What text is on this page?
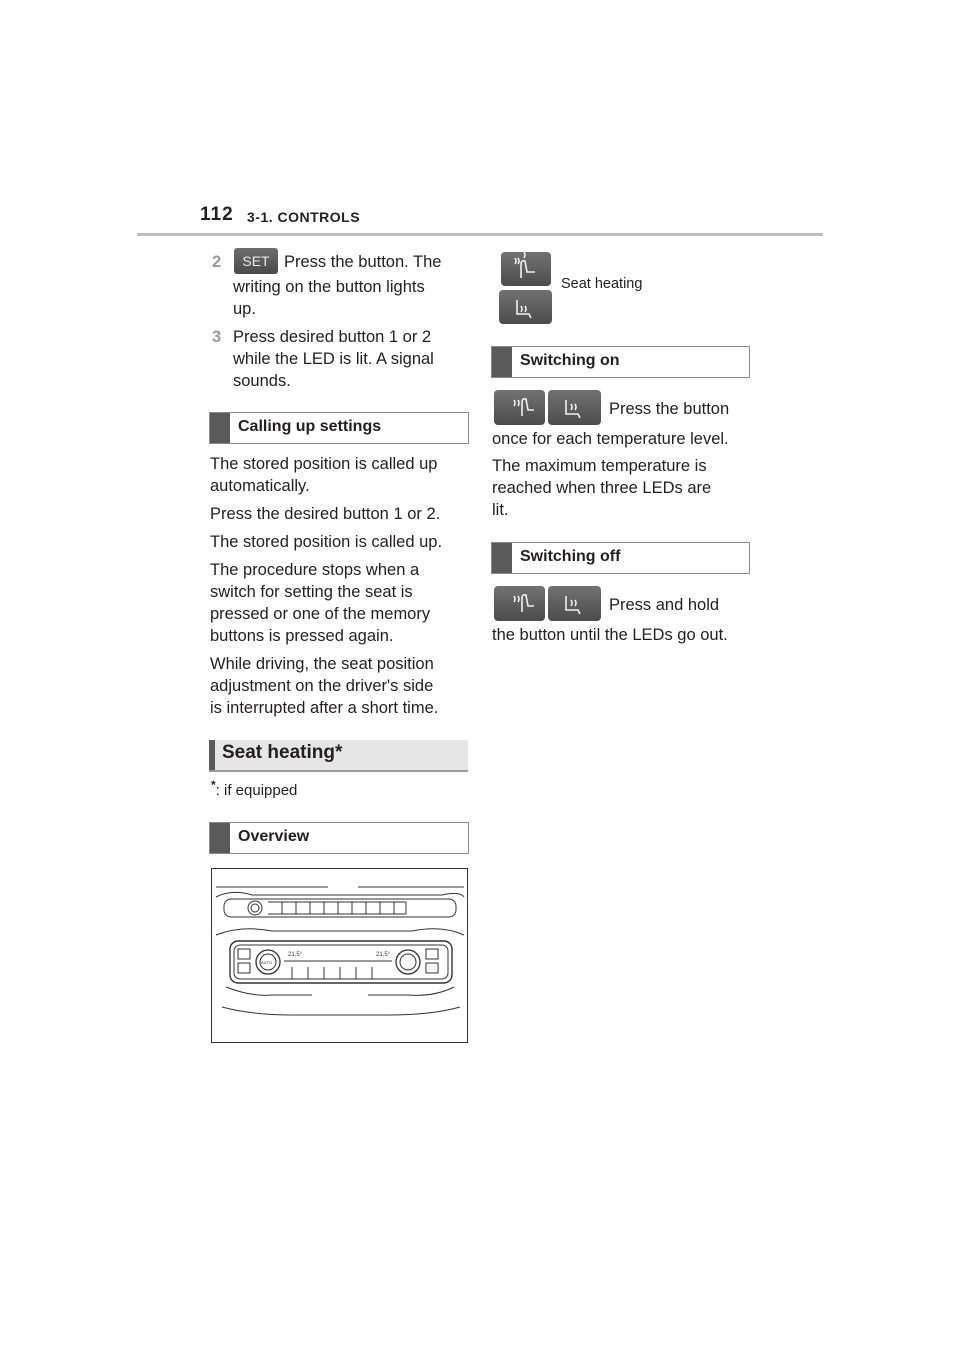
112 3-1. CONTROLS
2 SET Press the button. The
writing on the button lights
up.
3 Press desired button 1 or 2
while the LED is lit. A signal
sounds.
Calling up settings
The stored position is called up
automatically.
Press the desired button 1 or 2.
The stored position is called up.
The procedure stops when a
switch for setting the seat is
pressed or one of the memory
buttons is pressed again.
While driving, the seat position
adjustment on the driver's side
is interrupted after a short time.
Seat heating*
*: if equipped
Overview
21.5°	21.5°
AUTO
Seat heating
Switching on
Press the button
once for each temperature level.
The maximum temperature is
reached when three LEDs are
lit.
Switching off
Press and hold
the button until the LEDs go out.
